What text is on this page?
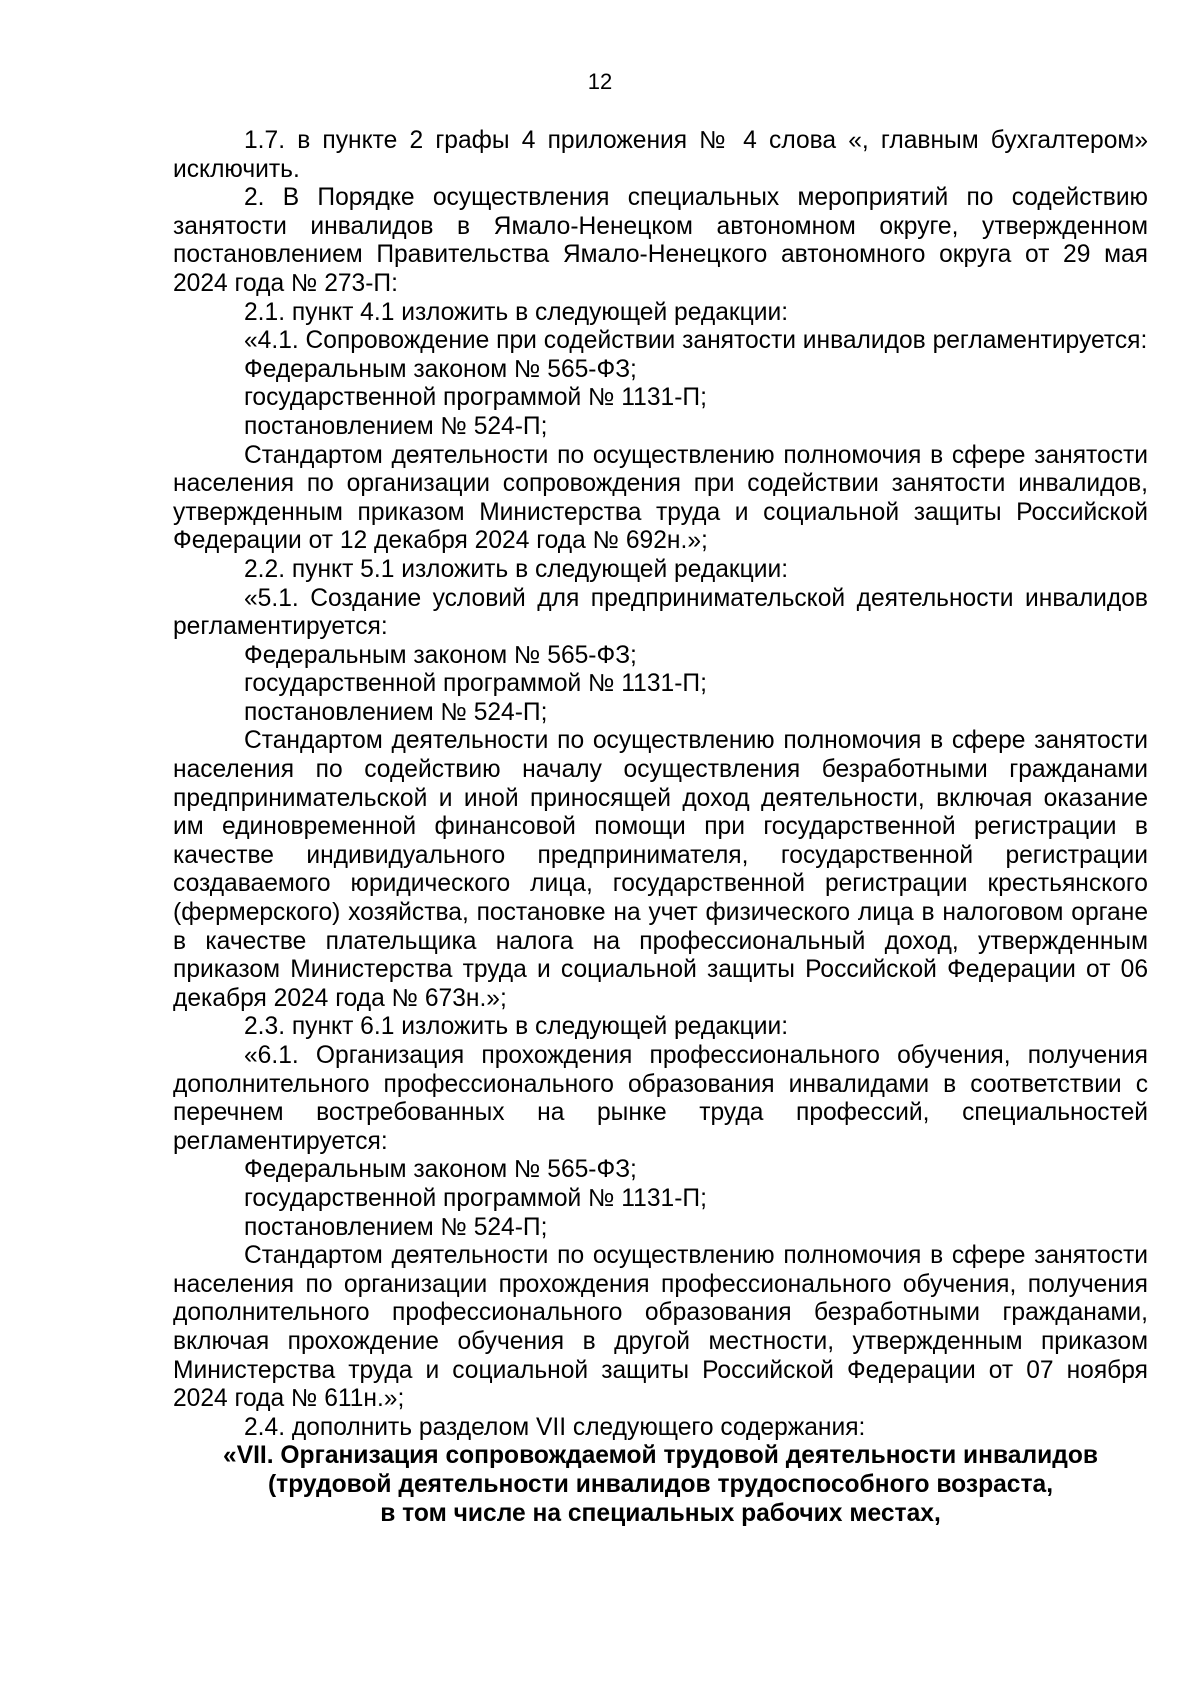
12

1.7. в пункте 2 графы 4 приложения № 4 слова «, главным бухгалтером» исключить.

2. В Порядке осуществления специальных мероприятий по содействию занятости инвалидов в Ямало-Ненецком автономном округе, утвержденном постановлением Правительства Ямало-Ненецкого автономного округа от 29 мая 2024 года № 273-П:

2.1. пункт 4.1 изложить в следующей редакции:

«4.1. Сопровождение при содействии занятости инвалидов регламентируется:

Федеральным законом № 565-ФЗ;

государственной программой № 1131-П;

постановлением № 524-П;

Стандартом деятельности по осуществлению полномочия в сфере занятости населения по организации сопровождения при содействии занятости инвалидов, утвержденным приказом Министерства труда и социальной защиты Российской Федерации от 12 декабря 2024 года № 692н.»;

2.2. пункт 5.1 изложить в следующей редакции:

«5.1. Создание условий для предпринимательской деятельности инвалидов регламентируется:

Федеральным законом № 565-ФЗ;

государственной программой № 1131-П;

постановлением № 524-П;

Стандартом деятельности по осуществлению полномочия в сфере занятости населения по содействию началу осуществления безработными гражданами предпринимательской и иной приносящей доход деятельности, включая оказание им единовременной финансовой помощи при государственной регистрации в качестве индивидуального предпринимателя, государственной регистрации создаваемого юридического лица, государственной регистрации крестьянского (фермерского) хозяйства, постановке на учет физического лица в налоговом органе в качестве плательщика налога на профессиональный доход, утвержденным приказом Министерства труда и социальной защиты Российской Федерации от 06 декабря 2024 года № 673н.»;

2.3. пункт 6.1 изложить в следующей редакции:

«6.1. Организация прохождения профессионального обучения, получения дополнительного профессионального образования инвалидами в соответствии с перечнем востребованных на рынке труда профессий, специальностей регламентируется:

Федеральным законом № 565-ФЗ;

государственной программой № 1131-П;

постановлением № 524-П;

Стандартом деятельности по осуществлению полномочия в сфере занятости населения по организации прохождения профессионального обучения, получения дополнительного профессионального образования безработными гражданами, включая прохождение обучения в другой местности, утвержденным приказом Министерства труда и социальной защиты Российской Федерации от 07 ноября 2024 года № 611н.»;

2.4. дополнить разделом VII следующего содержания:

«VII. Организация сопровождаемой трудовой деятельности инвалидов
(трудовой деятельности инвалидов трудоспособного возраста,
в том числе на специальных рабочих местах,
